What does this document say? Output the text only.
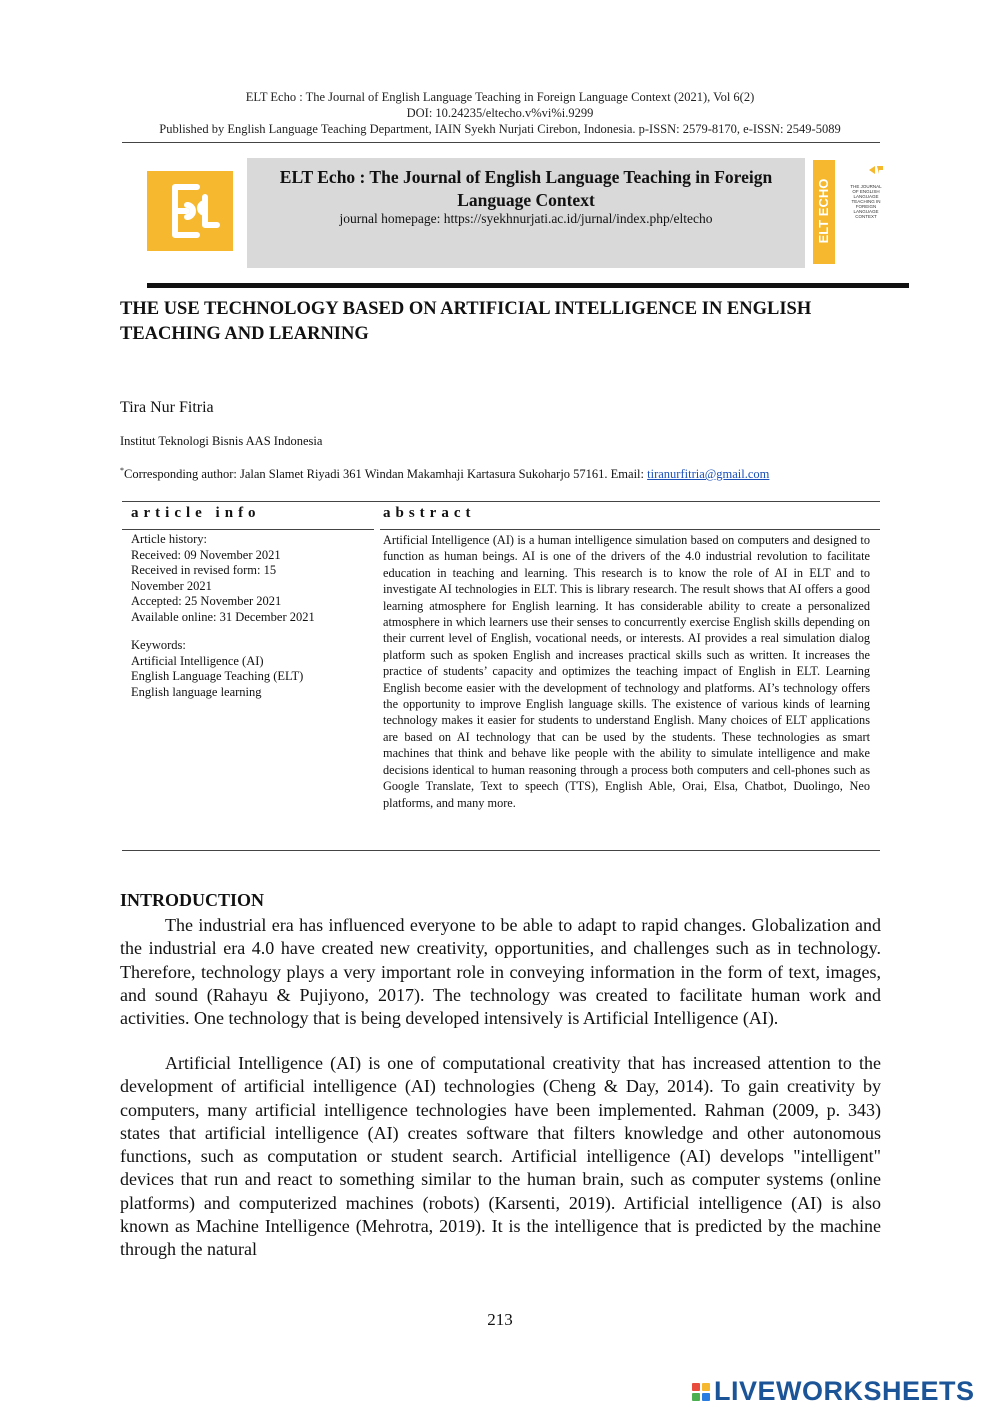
ELT Echo : The Journal of English Language Teaching in Foreign Language Context (2021), Vol 6(2)
DOI: 10.24235/eltecho.v%vi%i.9299
Published by English Language Teaching Department, IAIN Syekh Nurjati Cirebon, Indonesia. p-ISSN: 2579-8170, e-ISSN: 2549-5089
ELT Echo : The Journal of English Language Teaching in Foreign Language Context
journal homepage: https://syekhnurjati.ac.id/jurnal/index.php/eltecho	ELT ECHO	THE JOURNAL OF ENGLISH LANGUAGE TEACHING IN FOREIGN LANGUAGE CONTEXT
THE USE TECHNOLOGY BASED ON ARTIFICIAL INTELLIGENCE IN ENGLISH TEACHING AND LEARNING
Tira Nur Fitria
Institut Teknologi Bisnis AAS Indonesia
*Corresponding author: Jalan Slamet Riyadi 361 Windan Makamhaji Kartasura Sukoharjo 57161. Email: tiranurfitria@gmail.com
article info	abstract
Article history:
Received: 09 November 2021
Received in revised form: 15 November 2021
Accepted: 25 November 2021
Available online: 31 December 2021
Keywords:
Artificial Intelligence (AI)
English Language Teaching (ELT)
English language learning
Artificial Intelligence (AI) is a human intelligence simulation based on computers and designed to function as human beings. AI is one of the drivers of the 4.0 industrial revolution to facilitate education in teaching and learning. This research is to know the role of AI in ELT and to investigate AI technologies in ELT. This is library research. The result shows that AI offers a good learning atmosphere for English learning. It has considerable ability to create a personalized atmosphere in which learners use their senses to concurrently exercise English skills depending on their current level of English, vocational needs, or interests. AI provides a real simulation dialog platform such as spoken English and increases practical skills such as written. It increases the practice of students’ capacity and optimizes the teaching impact of English in ELT. Learning English become easier with the development of technology and platforms. AI’s technology offers the opportunity to improve English language skills. The existence of various kinds of learning technology makes it easier for students to understand English. Many choices of ELT applications are based on AI technology that can be used by the students. These technologies as smart machines that think and behave like people with the ability to simulate intelligence and make decisions identical to human reasoning through a process both computers and cell-phones such as Google Translate, Text to speech (TTS), English Able, Orai, Elsa, Chatbot, Duolingo, Neo platforms, and many more.
INTRODUCTION
The industrial era has influenced everyone to be able to adapt to rapid changes. Globalization and the industrial era 4.0 have created new creativity, opportunities, and challenges such as in technology. Therefore, technology plays a very important role in conveying information in the form of text, images, and sound (Rahayu & Pujiyono, 2017). The technology was created to facilitate human work and activities. One technology that is being developed intensively is Artificial Intelligence (AI).
Artificial Intelligence (AI) is one of computational creativity that has increased attention to the development of artificial intelligence (AI) technologies (Cheng & Day, 2014). To gain creativity by computers, many artificial intelligence technologies have been implemented. Rahman (2009, p. 343) states that artificial intelligence (AI) creates software that filters knowledge and other autonomous functions, such as computation or student search. Artificial intelligence (AI) develops "intelligent" devices that run and react to something similar to the human brain, such as computer systems (online platforms) and computerized machines (robots) (Karsenti, 2019). Artificial intelligence (AI) is also known as Machine Intelligence (Mehrotra, 2019). It is the intelligence that is predicted by the machine through the natural
213
LIVEWORKSHEETS
